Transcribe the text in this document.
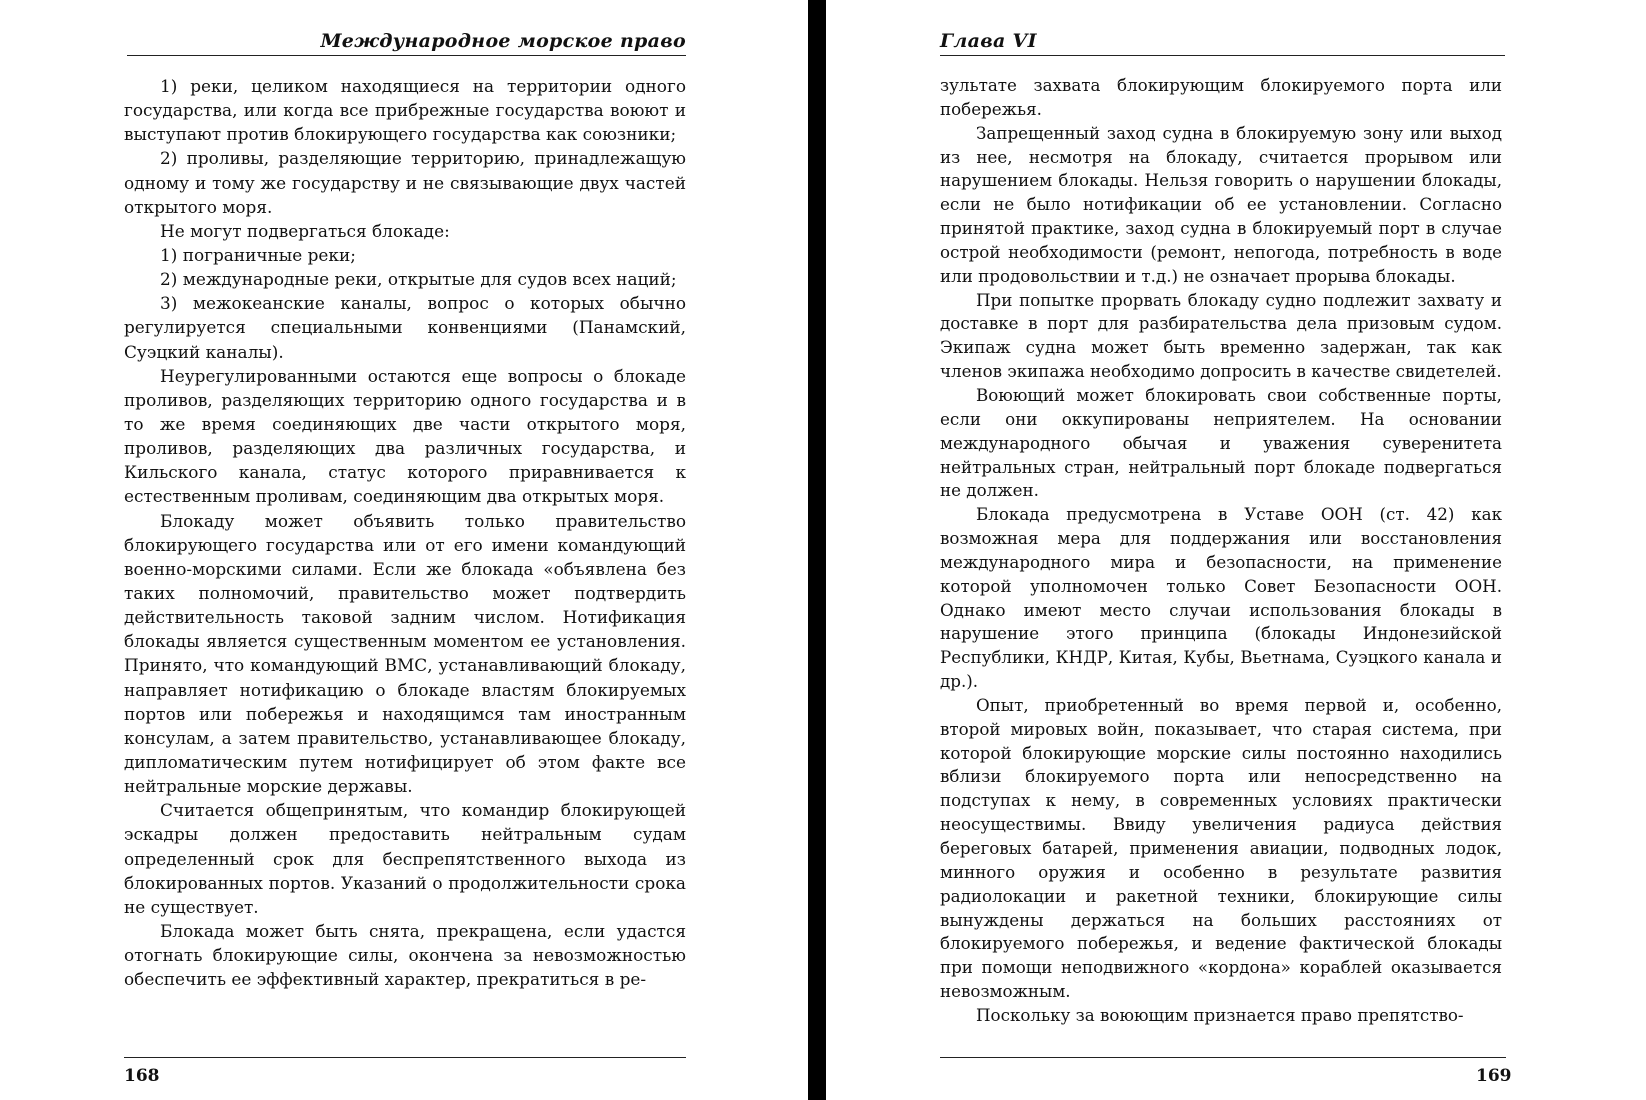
Международное морское право

1) реки, целиком находящиеся на территории одного государства, или когда все прибрежные государства воюют и выступают против блокирующего государства как союзники;

2) проливы, разделяющие территорию, принадлежащую одному и тому же государству и не связывающие двух частей открытого моря.

Не могут подвергаться блокаде:

1) пограничные реки;

2) международные реки, открытые для судов всех наций;

3) межокеанские каналы, вопрос о которых обычно регулируется специальными конвенциями (Панамский, Суэцкий каналы).

Неурегулированными остаются еще вопросы о блокаде проливов, разделяющих территорию одного государства и в то же время соединяющих две части открытого моря, проливов, разделяющих два различных государства, и Кильского канала, статус которого приравнивается к естественным проливам, соединяющим два открытых моря.

Блокаду может объявить только правительство блокирующего государства или от его имени командующий военно-морскими силами. Если же блокада «объявлена без таких полномочий, правительство может подтвердить действительность таковой задним числом. Нотификация блокады является существенным моментом ее установления. Принято, что командующий ВМС, устанавливающий блокаду, направляет нотификацию о блокаде властям блокируемых портов или побережья и находящимся там иностранным консулам, а затем правительство, устанавливающее блокаду, дипломатическим путем нотифицирует об этом факте все нейтральные морские державы.

Считается общепринятым, что командир блокирующей эскадры должен предоставить нейтральным судам определенный срок для беспрепятственного выхода из блокированных портов. Указаний о продолжительности срока не существует.

Блокада может быть снята, прекращена, если удастся отогнать блокирующие силы, окончена за невозможностью обеспечить ее эффективный характер, прекратиться в ре-

168
Глава VI

зультате захвата блокирующим блокируемого порта или побережья.

Запрещенный заход судна в блокируемую зону или выход из нее, несмотря на блокаду, считается прорывом или нарушением блокады. Нельзя говорить о нарушении блокады, если не было нотификации об ее установлении. Согласно принятой практике, заход судна в блокируемый порт в случае острой необходимости (ремонт, непогода, потребность в воде или продовольствии и т.д.) не означает прорыва блокады.

При попытке прорвать блокаду судно подлежит захвату и доставке в порт для разбирательства дела призовым судом. Экипаж судна может быть временно задержан, так как членов экипажа необходимо допросить в качестве свидетелей.

Воюющий может блокировать свои собственные порты, если они оккупированы неприятелем. На основании международного обычая и уважения суверенитета нейтральных стран, нейтральный порт блокаде подвергаться не должен.

Блокада предусмотрена в Уставе ООН (ст. 42) как возможная мера для поддержания или восстановления международного мира и безопасности, на применение которой уполномочен только Совет Безопасности ООН. Однако имеют место случаи использования блокады в нарушение этого принципа (блокады Индонезийской Республики, КНДР, Китая, Кубы, Вьетнама, Суэцкого канала и др.).

Опыт, приобретенный во время первой и, особенно, второй мировых войн, показывает, что старая система, при которой блокирующие морские силы постоянно находились вблизи блокируемого порта или непосредственно на подступах к нему, в современных условиях практически неосуществимы. Ввиду увеличения радиуса действия береговых батарей, применения авиации, подводных лодок, минного оружия и особенно в результате развития радиолокации и ракетной техники, блокирующие силы вынуждены держаться на больших расстояниях от блокируемого побережья, и ведение фактической блокады при помощи неподвижного «кордона» кораблей оказывается невозможным.

Поскольку за воюющим признается право препятство-

169
